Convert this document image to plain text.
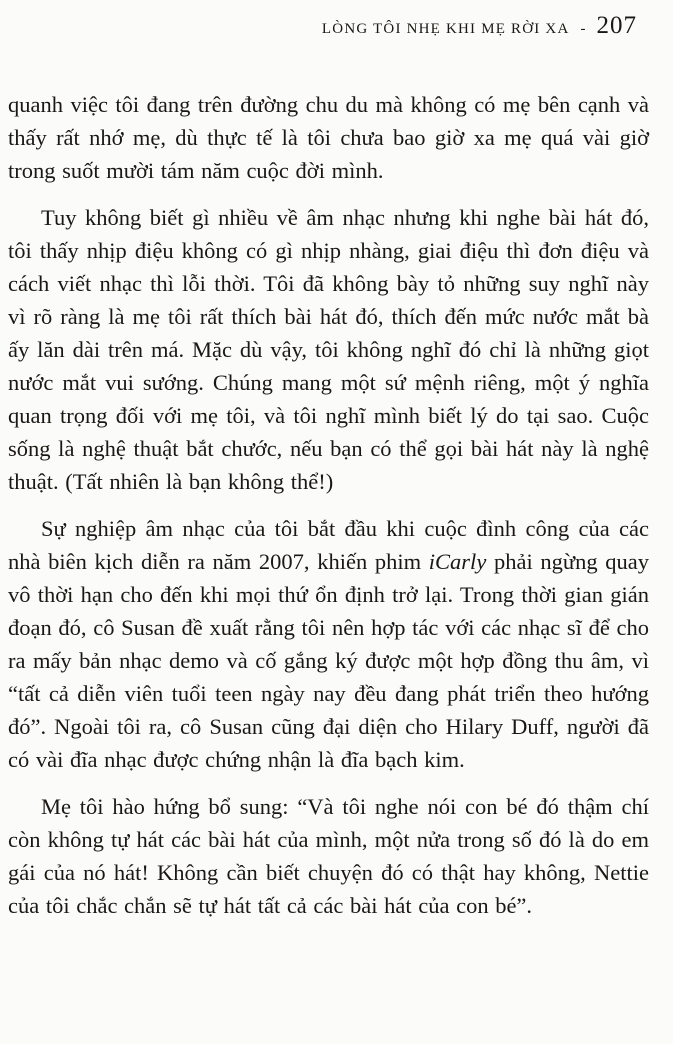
LÒNG TÔI NHẸ KHI MẸ RỜI XA - 207

quanh việc tôi đang trên đường chu du mà không có mẹ bên cạnh và thấy rất nhớ mẹ, dù thực tế là tôi chưa bao giờ xa mẹ quá vài giờ trong suốt mười tám năm cuộc đời mình.

Tuy không biết gì nhiều về âm nhạc nhưng khi nghe bài hát đó, tôi thấy nhịp điệu không có gì nhịp nhàng, giai điệu thì đơn điệu và cách viết nhạc thì lỗi thời. Tôi đã không bày tỏ những suy nghĩ này vì rõ ràng là mẹ tôi rất thích bài hát đó, thích đến mức nước mắt bà ấy lăn dài trên má. Mặc dù vậy, tôi không nghĩ đó chỉ là những giọt nước mắt vui sướng. Chúng mang một sứ mệnh riêng, một ý nghĩa quan trọng đối với mẹ tôi, và tôi nghĩ mình biết lý do tại sao. Cuộc sống là nghệ thuật bắt chước, nếu bạn có thể gọi bài hát này là nghệ thuật. (Tất nhiên là bạn không thể!)

Sự nghiệp âm nhạc của tôi bắt đầu khi cuộc đình công của các nhà biên kịch diễn ra năm 2007, khiến phim iCarly phải ngừng quay vô thời hạn cho đến khi mọi thứ ổn định trở lại. Trong thời gian gián đoạn đó, cô Susan đề xuất rằng tôi nên hợp tác với các nhạc sĩ để cho ra mấy bản nhạc demo và cố gắng ký được một hợp đồng thu âm, vì “tất cả diễn viên tuổi teen ngày nay đều đang phát triển theo hướng đó”. Ngoài tôi ra, cô Susan cũng đại diện cho Hilary Duff, người đã có vài đĩa nhạc được chứng nhận là đĩa bạch kim.

Mẹ tôi hào hứng bổ sung: “Và tôi nghe nói con bé đó thậm chí còn không tự hát các bài hát của mình, một nửa trong số đó là do em gái của nó hát! Không cần biết chuyện đó có thật hay không, Nettie của tôi chắc chắn sẽ tự hát tất cả các bài hát của con bé”.
